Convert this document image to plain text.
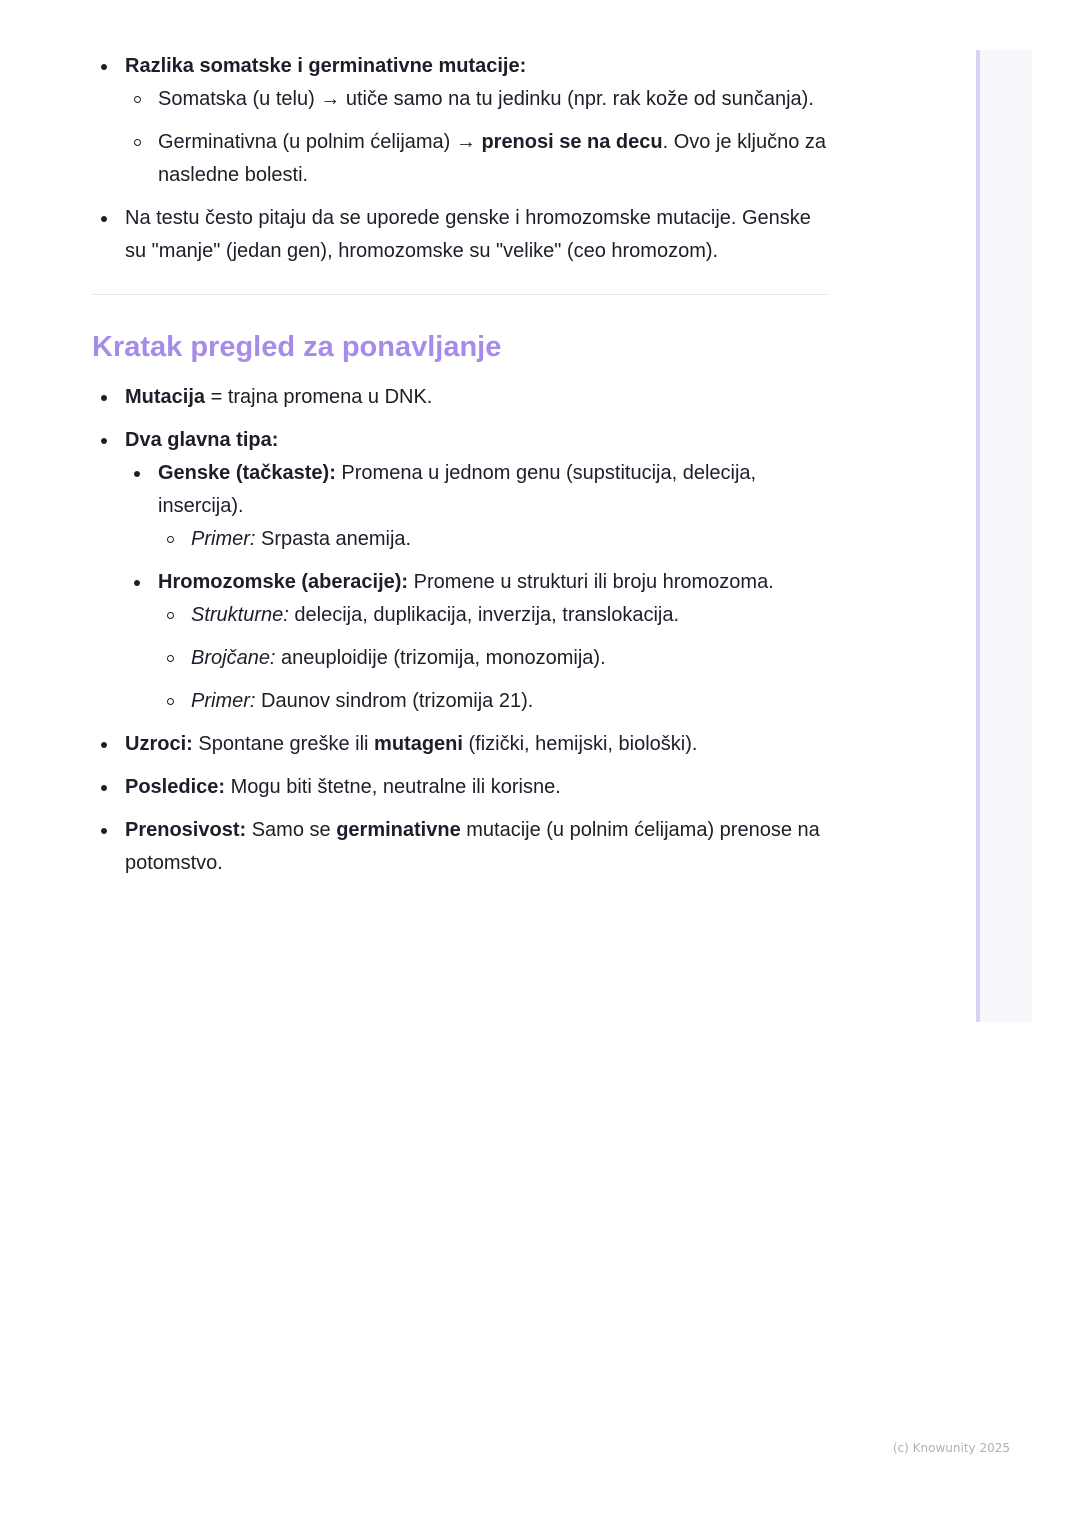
Razlika somatske i germinativne mutacije:
Somatska (u telu) → utiče samo na tu jedinku (npr. rak kože od sunčanja).
Germinativna (u polnim ćelijama) → prenosi se na decu. Ovo je ključno za nasledne bolesti.
Na testu često pitaju da se uporede genske i hromozomske mutacije. Genske su "manje" (jedan gen), hromozomske su "velike" (ceo hromozom).
Kratak pregled za ponavljanje
Mutacija = trajna promena u DNK.
Dva glavna tipa:
Genske (tačkaste): Promena u jednom genu (supstitucija, delecija, insercija).
Primer: Srpasta anemija.
Hromozomske (aberacije): Promene u strukturi ili broju hromozoma.
Strukturne: delecija, duplikacija, inverzija, translokacija.
Brojčane: aneuploidije (trizomija, monozomija).
Primer: Daunov sindrom (trizomija 21).
Uzroci: Spontane greške ili mutageni (fizički, hemijski, biološki).
Posledice: Mogu biti štetne, neutralne ili korisne.
Prenosivost: Samo se germinativne mutacije (u polnim ćelijama) prenose na potomstvo.
(c) Knowunity 2025
